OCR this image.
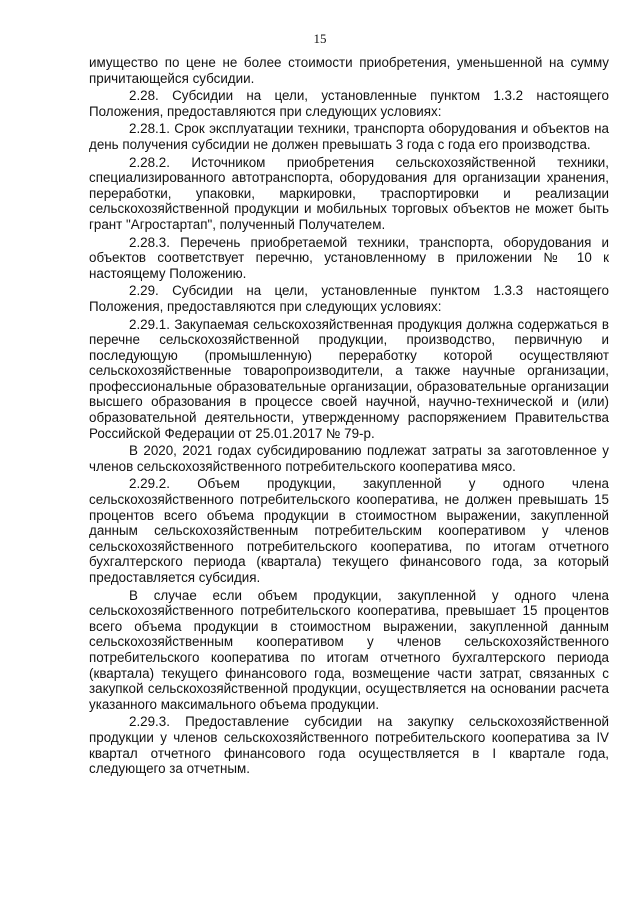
15

имущество по цене не более стоимости приобретения, уменьшенной на сумму причитающейся субсидии.

2.28. Субсидии на цели, установленные пунктом 1.3.2 настоящего Положения, предоставляются при следующих условиях:

2.28.1. Срок эксплуатации техники, транспорта оборудования и объектов на день получения субсидии не должен превышать 3 года с года его производства.

2.28.2. Источником приобретения сельскохозяйственной техники, специализированного автотранспорта, оборудования для организации хранения, переработки, упаковки, маркировки, траспортировки и реализации сельскохозяйственной продукции и мобильных торговых объектов не может быть грант "Агростартап", полученный Получателем.

2.28.3. Перечень приобретаемой техники, транспорта, оборудования и объектов соответствует перечню, установленному в приложении № 10 к настоящему Положению.

2.29. Субсидии на цели, установленные пунктом 1.3.3 настоящего Положения, предоставляются при следующих условиях:

2.29.1. Закупаемая сельскохозяйственная продукция должна содержаться в перечне сельскохозяйственной продукции, производство, первичную и последующую (промышленную) переработку которой осуществляют сельскохозяйственные товаропроизводители, а также научные организации, профессиональные образовательные организации, образовательные организации высшего образования в процессе своей научной, научно-технической и (или) образовательной деятельности, утвержденному распоряжением Правительства Российской Федерации от 25.01.2017 № 79-р.

В 2020, 2021 годах субсидированию подлежат затраты за заготовленное у членов сельскохозяйственного потребительского кооператива мясо.

2.29.2. Объем продукции, закупленной у одного члена сельскохозяйственного потребительского кооператива, не должен превышать 15 процентов всего объема продукции в стоимостном выражении, закупленной данным сельскохозяйственным потребительским кооперативом у членов сельскохозяйственного потребительского кооператива, по итогам отчетного бухгалтерского периода (квартала) текущего финансового года, за который предоставляется субсидия.

В случае если объем продукции, закупленной у одного члена сельскохозяйственного потребительского кооператива, превышает 15 процентов всего объема продукции в стоимостном выражении, закупленной данным сельскохозяйственным кооперативом у членов сельскохозяйственного потребительского кооператива по итогам отчетного бухгалтерского периода (квартала) текущего финансового года, возмещение части затрат, связанных с закупкой сельскохозяйственной продукции, осуществляется на основании расчета указанного максимального объема продукции.

2.29.3. Предоставление субсидии на закупку сельскохозяйственной продукции у членов сельскохозяйственного потребительского кооператива за IV квартал отчетного финансового года осуществляется в I квартале года, следующего за отчетным.
